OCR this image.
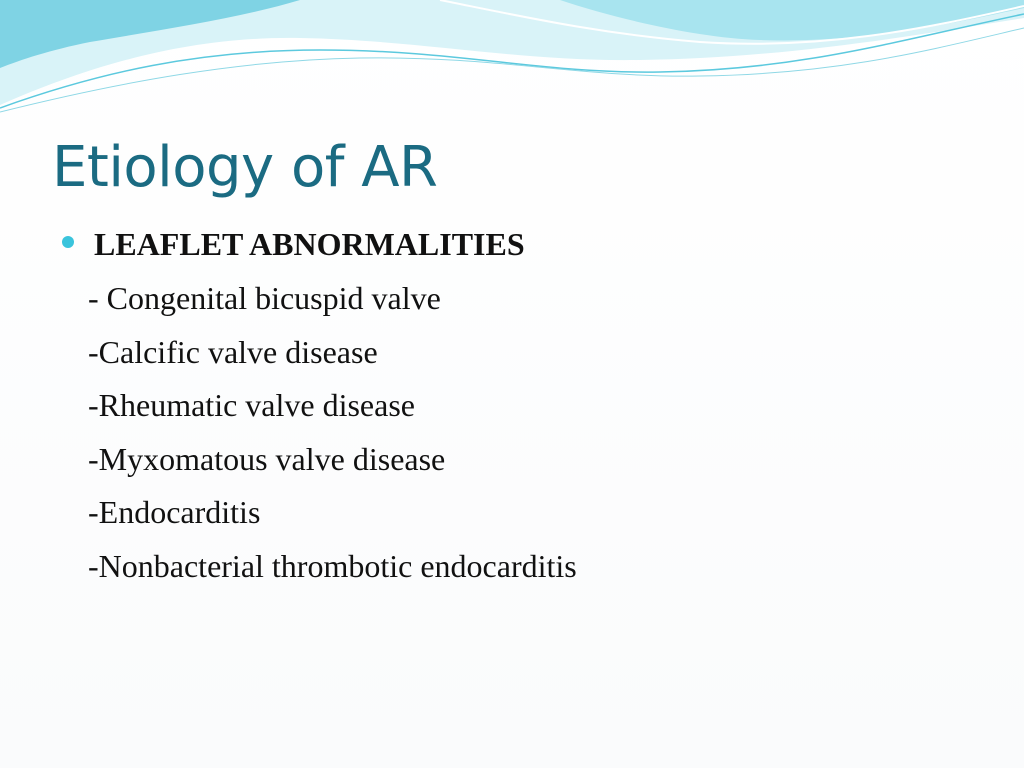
Etiology of AR
LEAFLET ABNORMALITIES
- Congenital bicuspid valve
-Calcific valve disease
-Rheumatic valve disease
-Myxomatous valve disease
-Endocarditis
-Nonbacterial thrombotic endocarditis
